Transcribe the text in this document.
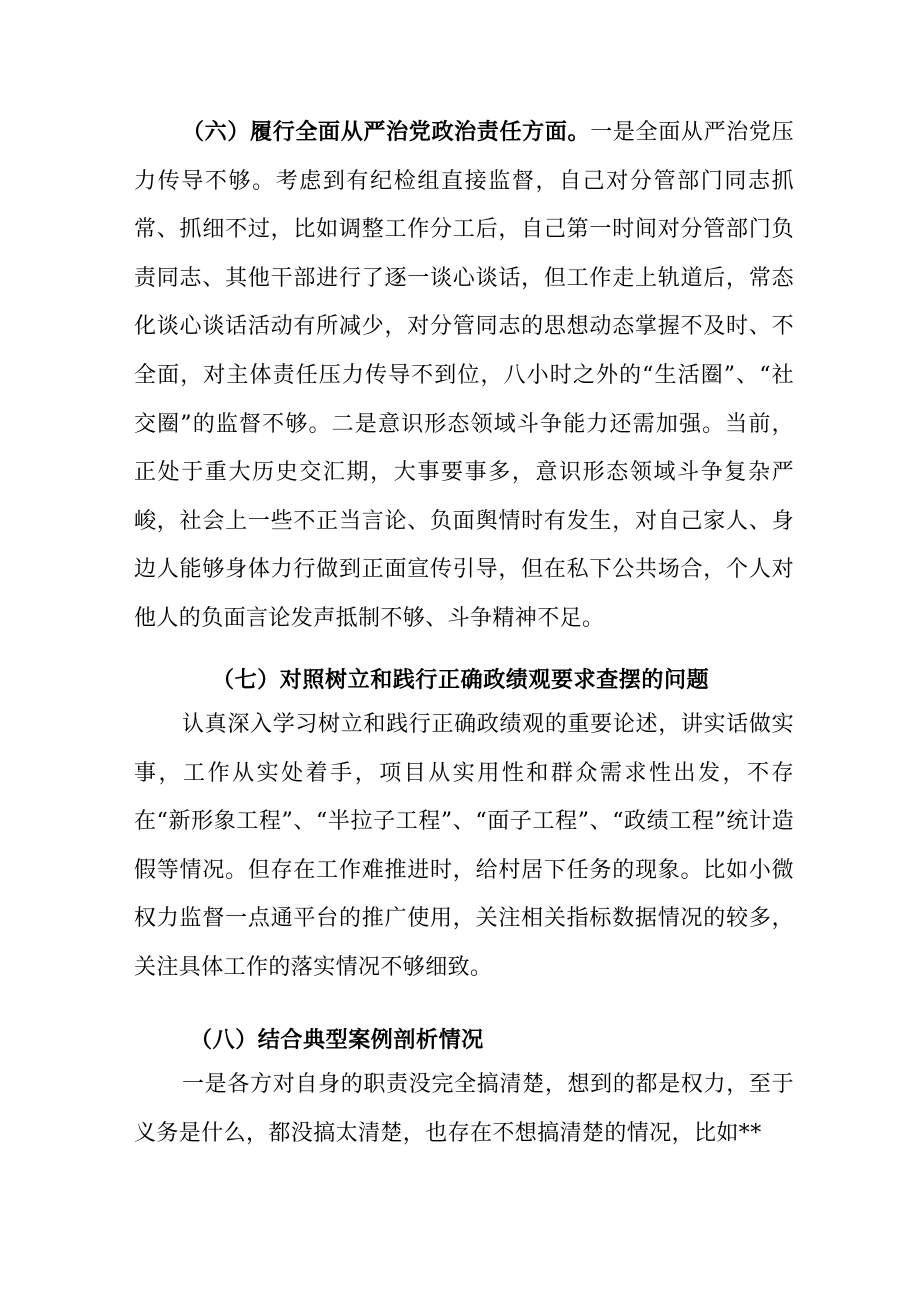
（六）履行全面从严治党政治责任方面。一是全面从严治党压力传导不够。考虑到有纪检组直接监督，自己对分管部门同志抓常、抓细不过，比如调整工作分工后，自己第一时间对分管部门负责同志、其他干部进行了逐一谈心谈话，但工作走上轨道后，常态化谈心谈话活动有所减少，对分管同志的思想动态掌握不及时、不全面，对主体责任压力传导不到位，八小时之外的“生活圈”、“社交圈”的监督不够。二是意识形态领域斗争能力还需加强。当前，正处于重大历史交汇期，大事要事多，意识形态领域斗争复杂严峻，社会上一些不正当言论、负面舆情时有发生，对自己家人、身边人能够身体力行做到正面宣传引导，但在私下公共场合，个人对他人的负面言论发声抵制不够、斗争精神不足。

（七）对照树立和践行正确政绩观要求查摆的问题

认真深入学习树立和践行正确政绩观的重要论述，讲实话做实事，工作从实处着手，项目从实用性和群众需求性出发，不存在“新形象工程”、“半拉子工程”、“面子工程”、“政绩工程”统计造假等情况。但存在工作难推进时，给村居下任务的现象。比如小微权力监督一点通平台的推广使用，关注相关指标数据情况的较多，关注具体工作的落实情况不够细致。

（八）结合典型案例剖析情况

一是各方对自身的职责没完全搞清楚，想到的都是权力，至于义务是什么，都没搞太清楚，也存在不想搞清楚的情况，比如**
